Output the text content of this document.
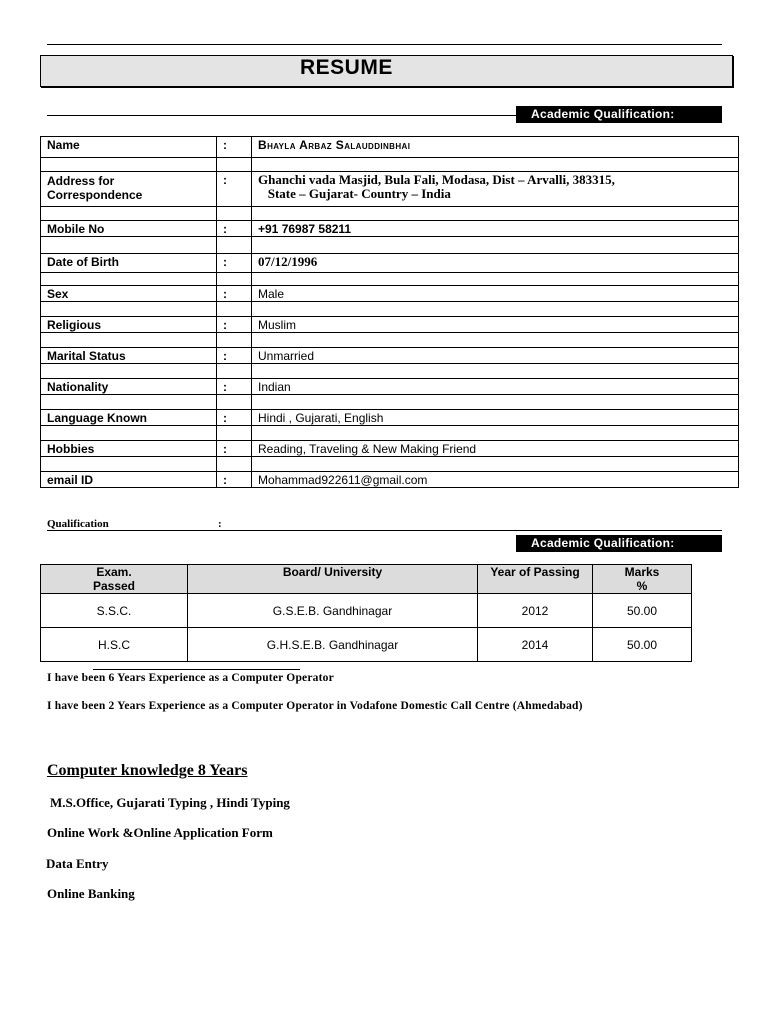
RESUME
Academic Qualification:
Name	:	Bhayla Arbaz Salauddinbhai

Address for
Correspondence	:	Ghanchi vada Masjid, Bula Fali, Modasa, Dist – Arvalli, 383315,
State – Gujarat- Country – India

Mobile No	:	+91 76987 58211

Date of Birth	:	07/12/1996

Sex	:	Male

Religious	:	Muslim

Marital Status	:	Unmarried

Nationality	:	Indian

Language Known	:	Hindi , Gujarati, English

Hobbies	:	Reading, Traveling & New Making Friend

email ID	:	Mohammad922611@gmail.com
Qualification	:
Academic Qualification:
Exam.
Passed	Board/ University	Year of Passing	Marks
%
S.S.C.	G.S.E.B. Gandhinagar	2012	50.00
H.S.C	G.H.S.E.B. Gandhinagar	2014	50.00
I have been 6 Years Experience as a Computer Operator
I have been 2 Years Experience as a Computer Operator in Vodafone Domestic Call Centre (Ahmedabad)
Computer knowledge 8 Years
M.S.Office, Gujarati Typing , Hindi Typing
Online Work &Online Application Form
Data Entry
Online Banking
